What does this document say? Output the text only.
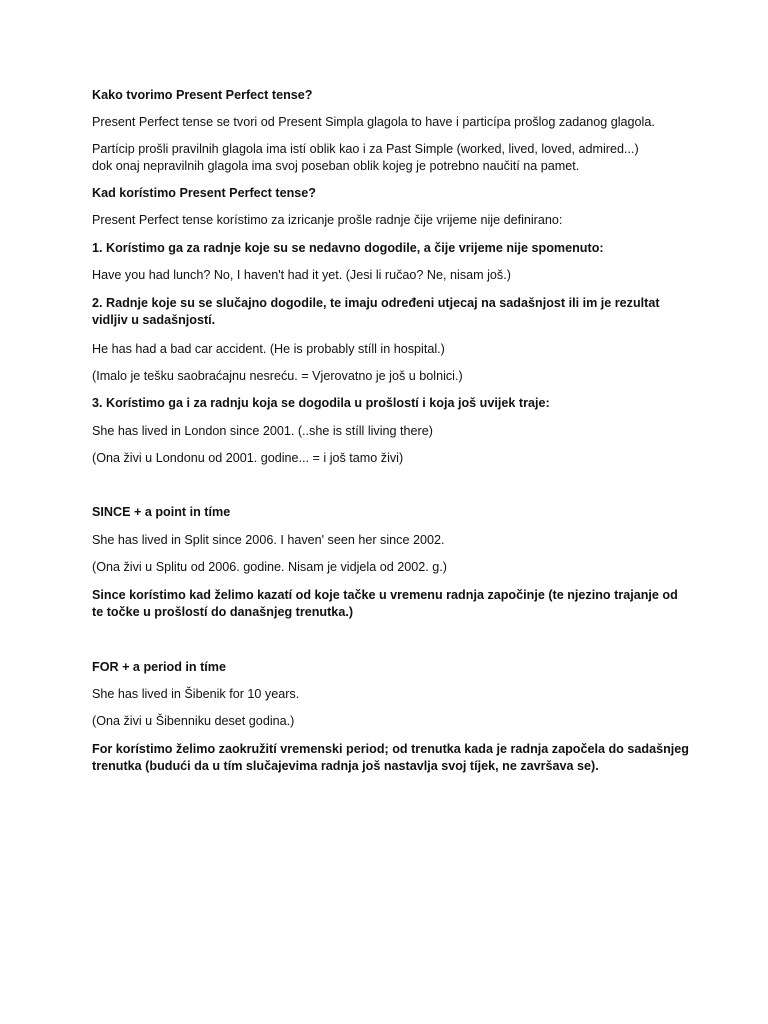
Kako tvorimo Present Perfect tense?

Present Perfect tense se tvori od Present Simpla glagola to have i particípa prošlog zadanog glagola.

Partícip prošli pravilnih glagola ima istí oblik kao i za Past Simple (worked, lived, loved, admired...)

dok onaj nepravilnih glagola ima svoj poseban oblik kojeg je potrebno naučití na pamet.

Kad korístimo Present Perfect tense?

Present Perfect tense korístimo za izricanje prošle radnje čije vrijeme nije definirano:

1. Korístimo ga za radnje koje su se nedavno dogodile, a čije vrijeme nije spomenuto:

Have you had lunch? No, I haven't had it yet. (Jesi li ručao? Ne, nisam još.)

2. Radnje koje su se slučajno dogodile, te imaju određeni utjecaj na sadašnjost ili im je rezultat

vidljiv u sadašnjostí.

He has had a bad car accident. (He is probably stíll in hospital.)

(Imalo je tešku saobraćajnu nesreću. = Vjerovatno je još u bolnici.)

3. Korístimo ga i za radnju koja se dogodila u prošlostí i koja još uvijek traje:

She has lived in London since 2001. (..she is stíll living there)

(Ona živi u Londonu od 2001. godine... = i još tamo živi)

SINCE + a point in tíme

She has lived in Split since 2006. I haven' seen her since 2002.

(Ona živi u Splitu od 2006. godine. Nisam je vidjela od 2002. g.)

Since korístimo kad želimo kazatí od koje tačke u vremenu radnja započinje (te njezino trajanje od

te točke u prošlostí do današnjeg trenutka.)

FOR + a period in tíme

She has lived in Šibenik for 10 years.

(Ona živi u Šibenniku deset godina.)

For korístimo želimo zaokružití vremenski period; od trenutka kada je radnja započela do sadašnjeg

trenutka (budući da u tím slučajevima radnja još nastavlja svoj tíjek, ne završava se).
